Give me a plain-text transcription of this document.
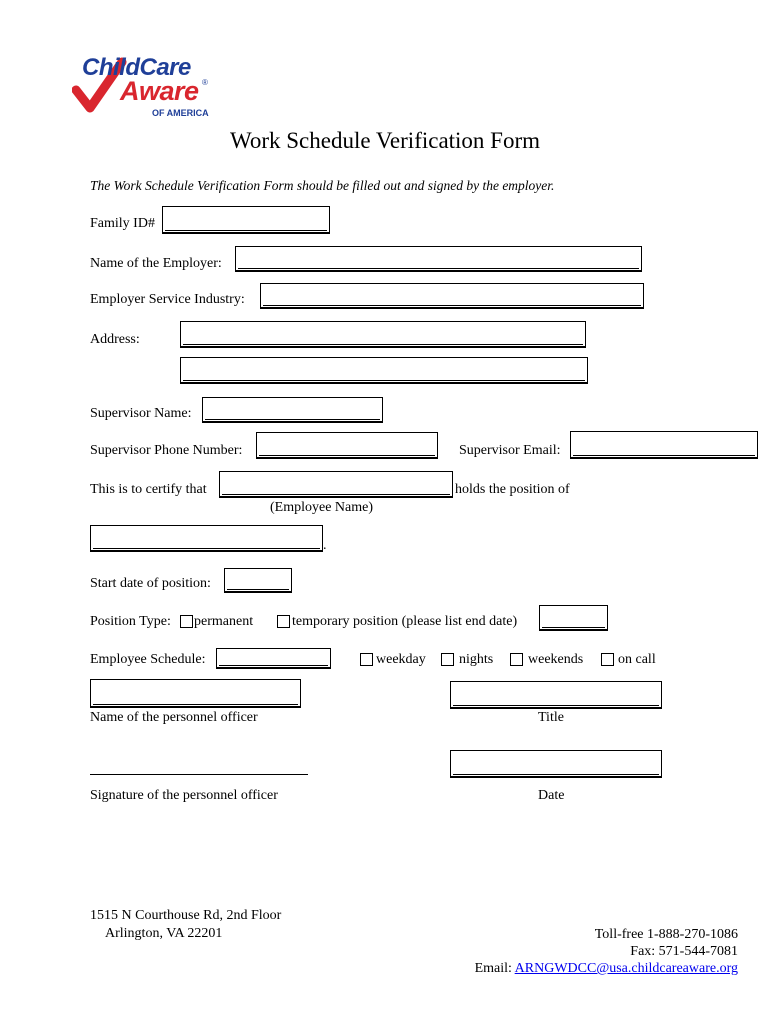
ChildCare
Aware ®
OF AMERICA
Work Schedule Verification Form
The Work Schedule Verification Form should be filled out and signed by the employer.
Family ID#
Name of the Employer:
Employer Service Industry:
Address:
Supervisor Name:
Supervisor Phone Number:	Supervisor Email:
This is to certify that	holds the position of
(Employee Name)
.
Start date of position:
Position Type: permanent	temporary position (please list end date)
Employee Schedule:	weekday nights weekends on call
Name of the personnel officer	Title
Signature of the personnel officer	Date
1515 N Courthouse Rd, 2nd Floor
Arlington, VA 22201	Toll-free 1-888-270-1086
Fax: 571-544-7081
Email: ARNGWDCC@usa.childcareaware.org
